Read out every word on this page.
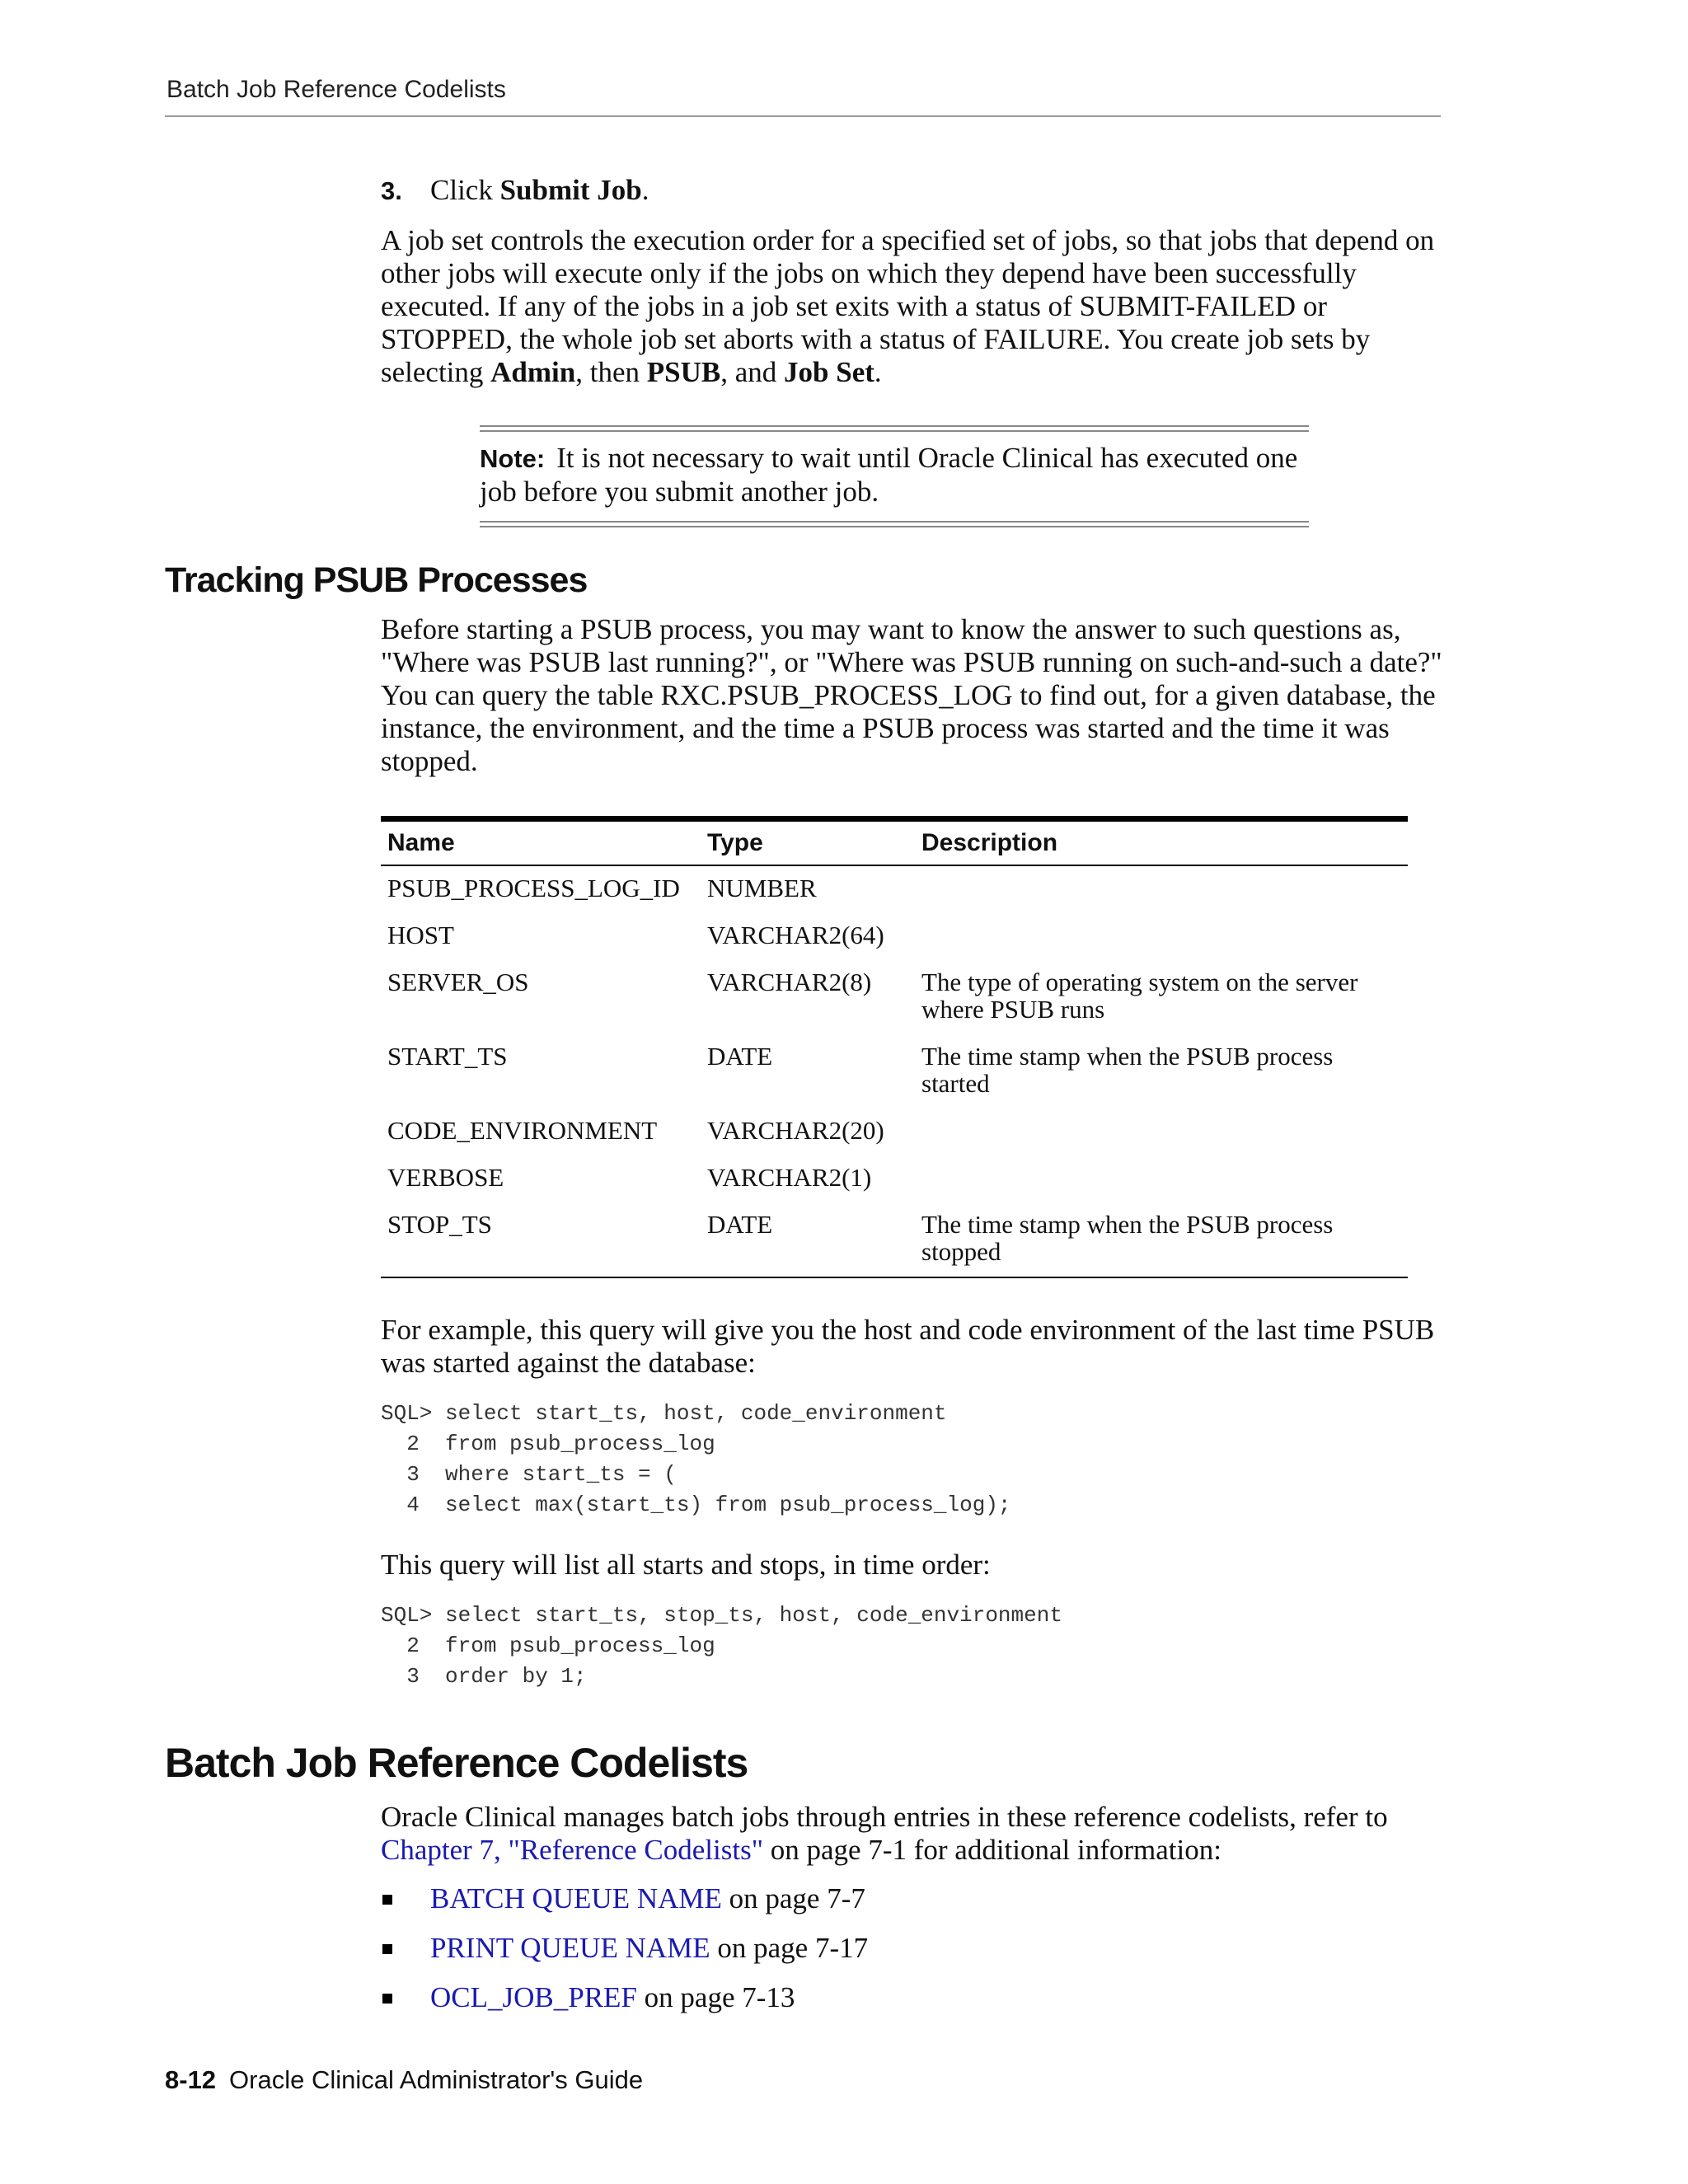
Batch Job Reference Codelists
3. Click Submit Job.
A job set controls the execution order for a specified set of jobs, so that jobs that depend on other jobs will execute only if the jobs on which they depend have been successfully executed. If any of the jobs in a job set exits with a status of SUBMIT-FAILED or STOPPED, the whole job set aborts with a status of FAILURE. You create job sets by selecting Admin, then PSUB, and Job Set.
Note: It is not necessary to wait until Oracle Clinical has executed one job before you submit another job.
Tracking PSUB Processes
Before starting a PSUB process, you may want to know the answer to such questions as, "Where was PSUB last running?", or "Where was PSUB running on such-and-such a date?" You can query the table RXC.PSUB_PROCESS_LOG to find out, for a given database, the instance, the environment, and the time a PSUB process was started and the time it was stopped.
Name	Type	Description
PSUB_PROCESS_LOG_ID	NUMBER
HOST	VARCHAR2(64)
SERVER_OS	VARCHAR2(8)	The type of operating system on the server where PSUB runs
START_TS	DATE	The time stamp when the PSUB process started
CODE_ENVIRONMENT	VARCHAR2(20)
VERBOSE	VARCHAR2(1)
STOP_TS	DATE	The time stamp when the PSUB process stopped
For example, this query will give you the host and code environment of the last time PSUB was started against the database:
SQL> select start_ts, host, code_environment
2  from psub_process_log
3  where start_ts = (
4  select max(start_ts) from psub_process_log);
This query will list all starts and stops, in time order:
SQL> select start_ts, stop_ts, host, code_environment
2  from psub_process_log
3  order by 1;
Batch Job Reference Codelists
Oracle Clinical manages batch jobs through entries in these reference codelists, refer to Chapter 7, "Reference Codelists" on page 7-1 for additional information:
BATCH QUEUE NAME on page 7-7
PRINT QUEUE NAME on page 7-17
OCL_JOB_PREF on page 7-13
8-12 Oracle Clinical Administrator's Guide
